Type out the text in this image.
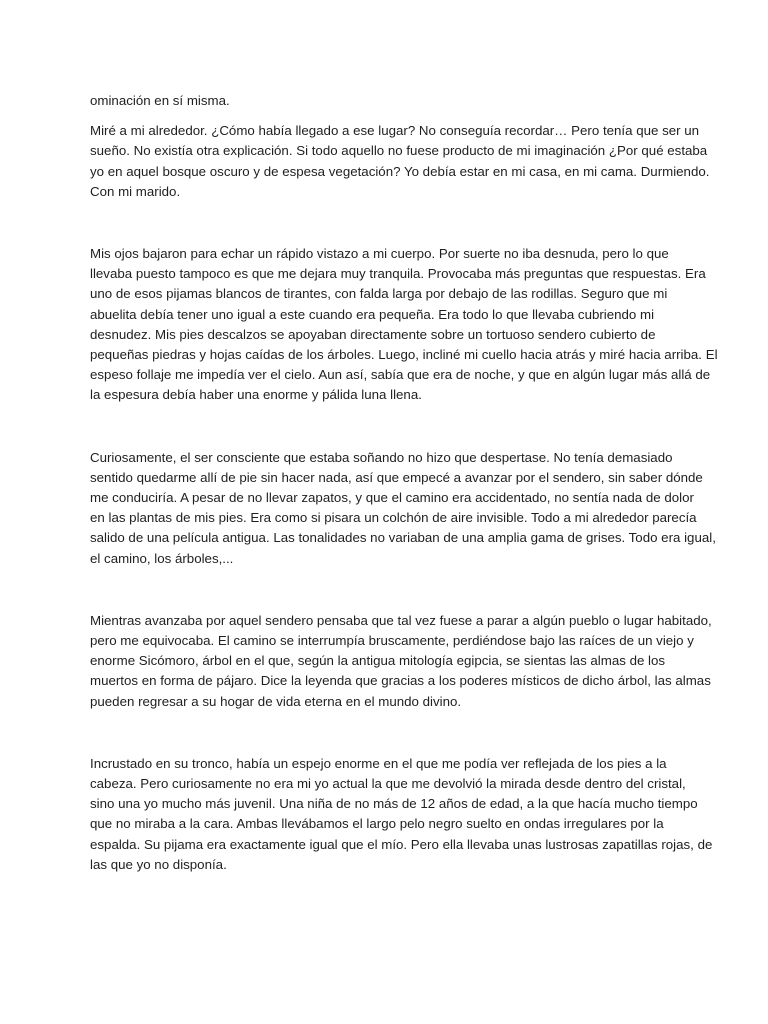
ominación en sí misma.

Miré a mi alrededor. ¿Cómo había llegado a ese lugar? No conseguía recordar… Pero tenía que ser un
sueño. No existía otra explicación. Si todo aquello no fuese producto de mi imaginación ¿Por qué estaba
yo en aquel bosque oscuro y de espesa vegetación? Yo debía estar en mi casa, en mi cama. Durmiendo.
Con mi marido.

Mis ojos bajaron para echar un rápido vistazo a mi cuerpo. Por suerte no iba desnuda, pero lo que
llevaba puesto tampoco es que me dejara muy tranquila. Provocaba más preguntas que respuestas. Era
uno de esos pijamas blancos de tirantes, con falda larga por debajo de las rodillas. Seguro que mi
abuelita debía tener uno igual a este cuando era pequeña. Era todo lo que llevaba cubriendo mi
desnudez. Mis pies descalzos se apoyaban directamente sobre un tortuoso sendero cubierto de
pequeñas piedras y hojas caídas de los árboles. Luego, incliné mi cuello hacia atrás y miré hacia arriba. El
espeso follaje me impedía ver el cielo. Aun así, sabía que era de noche, y que en algún lugar más allá de
la espesura debía haber una enorme y pálida luna llena.

Curiosamente, el ser consciente que estaba soñando no hizo que despertase. No tenía demasiado
sentido quedarme allí de pie sin hacer nada, así que empecé a avanzar por el sendero, sin saber dónde
me conduciría. A pesar de no llevar zapatos, y que el camino era accidentado, no sentía nada de dolor
en las plantas de mis pies. Era como si pisara un colchón de aire invisible. Todo a mi alrededor parecía
salido de una película antigua. Las tonalidades no variaban de una amplia gama de grises. Todo era igual,
el camino, los árboles,...

Mientras avanzaba por aquel sendero pensaba que tal vez fuese a parar a algún pueblo o lugar habitado,
pero me equivocaba. El camino se interrumpía bruscamente, perdiéndose bajo las raíces de un viejo y
enorme Sicómoro, árbol en el que, según la antigua mitología egipcia, se sientas las almas de los
muertos en forma de pájaro. Dice la leyenda que gracias a los poderes místicos de dicho árbol, las almas
pueden regresar a su hogar de vida eterna en el mundo divino.

Incrustado en su tronco, había un espejo enorme en el que me podía ver reflejada de los pies a la
cabeza. Pero curiosamente no era mi yo actual la que me devolvió la mirada desde dentro del cristal,
sino una yo mucho más juvenil. Una niña de no más de 12 años de edad, a la que hacía mucho tiempo
que no miraba a la cara. Ambas llevábamos el largo pelo negro suelto en ondas irregulares por la
espalda. Su pijama era exactamente igual que el mío. Pero ella llevaba unas lustrosas zapatillas rojas, de
las que yo no disponía.
